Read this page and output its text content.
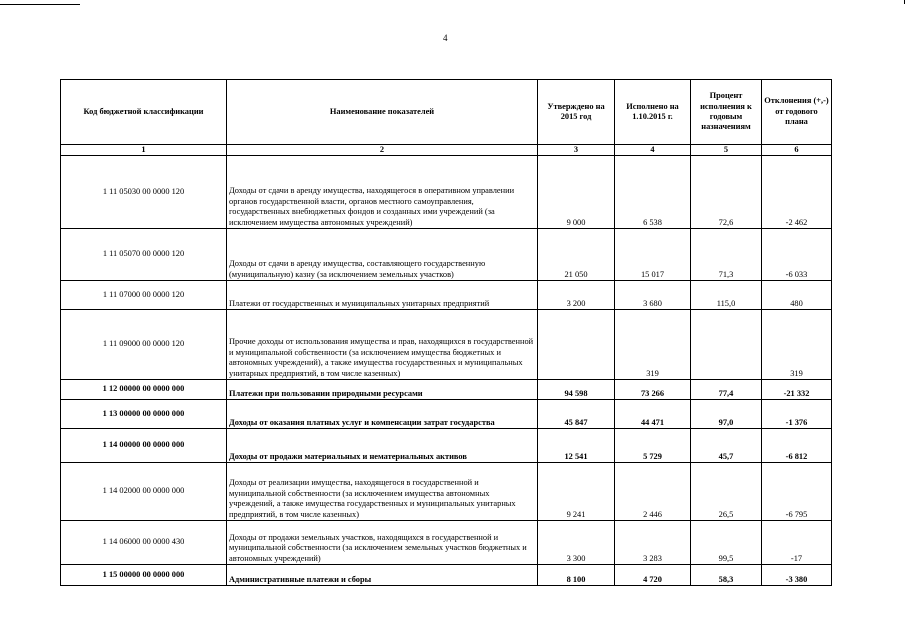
4
Код бюджетной классификации	Наименование показателей	Утверждено на 2015 год	Исполнено на 1.10.2015 г.	Процент исполнения к годовым назначениям	Отклонения (+,-) от годового плана
1	2	3	4	5	6
1 11 05030 00 0000 120	Доходы от сдачи в аренду имущества, находящегося в оперативном управлении органов государственной власти, органов местного самоуправления, государственных внебюджетных фондов и созданных ими учреждений (за исключением имущества автономных учреждений)	9 000	6 538	72,6	-2 462
1 11 05070 00 0000 120	Доходы от сдачи в аренду имущества, составляющего государственную (муниципальную) казну (за исключением земельных участков)	21 050	15 017	71,3	-6 033
1 11 07000 00 0000 120	Платежи от государственных и муниципальных унитарных предприятий	3 200	3 680	115,0	480
1 11 09000 00 0000 120	Прочие доходы от использования имущества и прав, находящихся в государственной и муниципальной собственности (за исключением имущества бюджетных и автономных учреждений), а также имущества государственных и муниципальных унитарных предприятий, в том числе казенных)		319		319
1 12 00000 00 0000 000	Платежи при пользовании природными ресурсами	94 598	73 266	77,4	-21 332
1 13 00000 00 0000 000	Доходы от оказания платных услуг и компенсации затрат государства	45 847	44 471	97,0	-1 376
1 14 00000 00 0000 000	Доходы от продажи материальных и нематериальных активов	12 541	5 729	45,7	-6 812
1 14 02000 00 0000 000	Доходы от реализации имущества, находящегося в государственной и муниципальной собственности (за исключением имущества автономных учреждений, а также имущества государственных и муниципальных унитарных предприятий, в том числе казенных)	9 241	2 446	26,5	-6 795
1 14 06000 00 0000 430	Доходы от продажи земельных участков, находящихся в государственной и муниципальной собственности (за исключением земельных участков бюджетных и автономных учреждений)	3 300	3 283	99,5	-17
1 15 00000 00 0000 000	Административные платежи и сборы	8 100	4 720	58,3	-3 380
